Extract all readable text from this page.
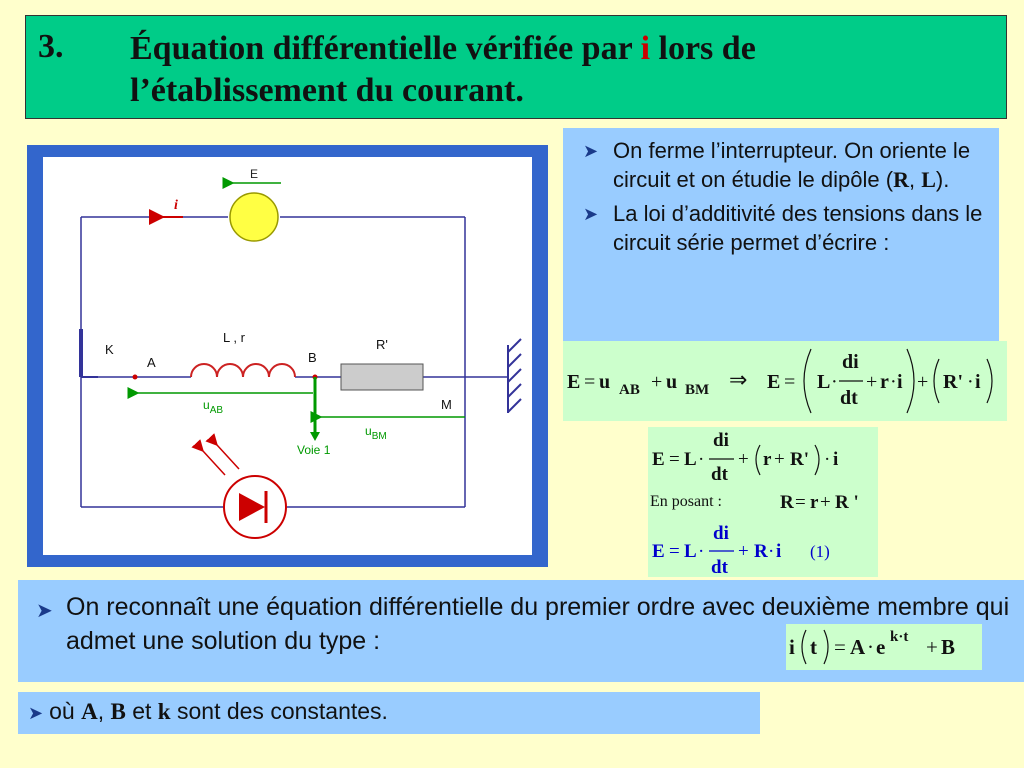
3. Équation différentielle vérifiée par i lors de
l’établissement du courant.
E
i
K
A	B
L , r	R'
M
$u_{AB}$
$u_{BM}$
Voie 1
➤ On ferme l’interrupteur. On oriente le circuit et on étudie le dipôle (R, L).
➤ La loi d’additivité des tensions dans le circuit série permet d’écrire :
E = u AB + u BM ⇒ E = L ·
di
dt
+ r · i + R' · i
E = L ·
di
dt
+ r + R' · i
En posant :	R = r + R '
E = L ·
di
dt
+ R · i (1)
➤ On reconnaît une équation différentielle du premier ordre avec deuxième membre qui admet une solution du type :	i t = A · e k·t + B
➤ où A, B et k sont des constantes.
